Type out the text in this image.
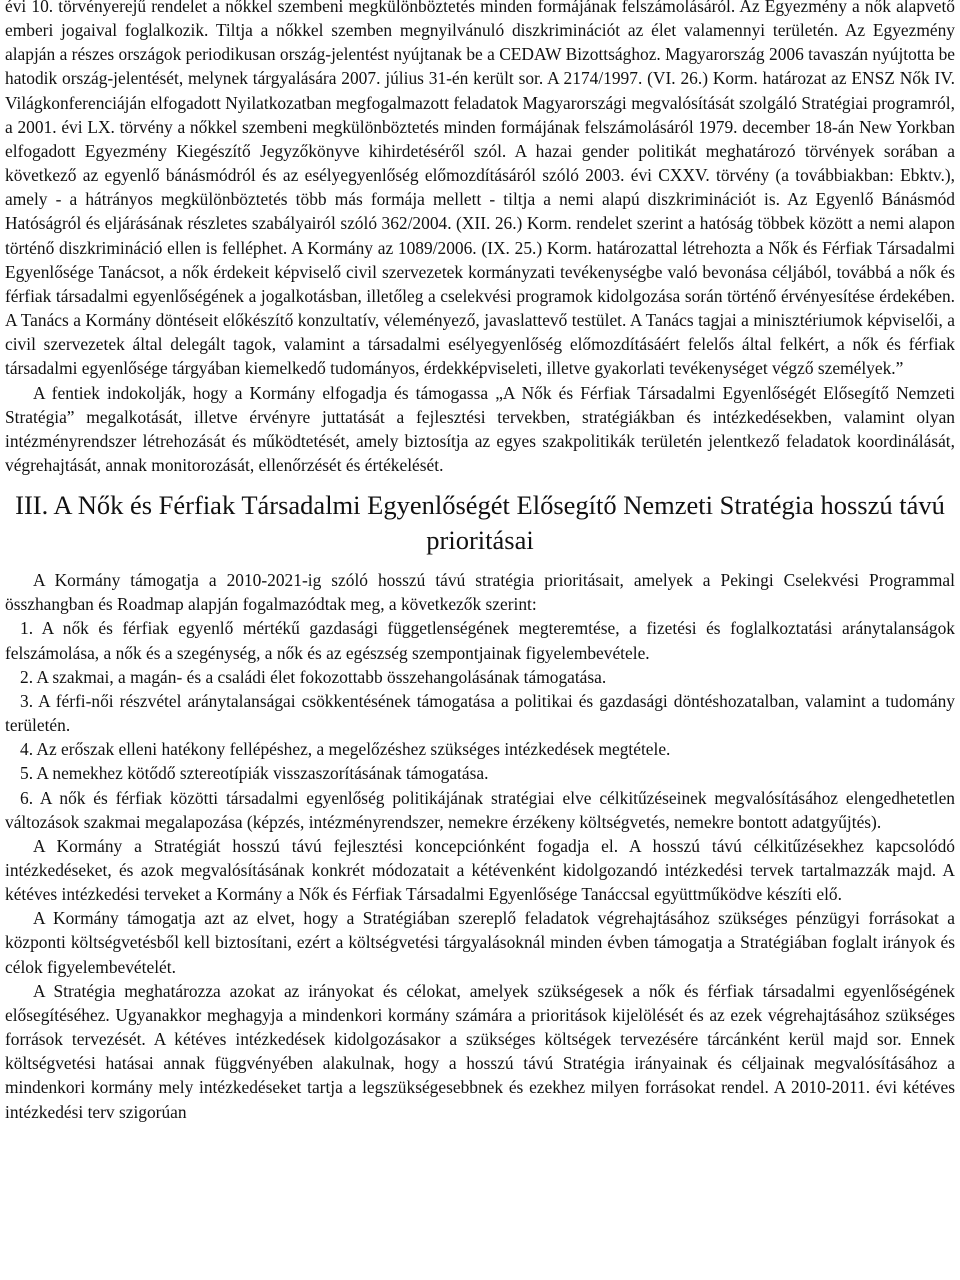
évi 10. törvényerejű rendelet a nőkkel szembeni megkülönböztetés minden formájának felszámolásáról. Az Egyezmény a nők alapvető emberi jogaival foglalkozik. Tiltja a nőkkel szemben megnyilvánuló diszkriminációt az élet valamennyi területén. Az Egyezmény alapján a részes országok periodikusan ország-jelentést nyújtanak be a CEDAW Bizottsághoz. Magyarország 2006 tavaszán nyújtotta be hatodik ország-jelentését, melynek tárgyalására 2007. július 31-én került sor. A 2174/1997. (VI. 26.) Korm. határozat az ENSZ Nők IV. Világkonferenciáján elfogadott Nyilatkozatban megfogalmazott feladatok Magyarországi megvalósítását szolgáló Stratégiai programról, a 2001. évi LX. törvény a nőkkel szembeni megkülönböztetés minden formájának felszámolásáról 1979. december 18-án New Yorkban elfogadott Egyezmény Kiegészítő Jegyzőkönyve kihirdetéséről szól. A hazai gender politikát meghatározó törvények sorában a következő az egyenlő bánásmódról és az esélyegyenlőség előmozdításáról szóló 2003. évi CXXV. törvény (a továbbiakban: Ebktv.), amely - a hátrányos megkülönböztetés több más formája mellett - tiltja a nemi alapú diszkriminációt is. Az Egyenlő Bánásmód Hatóságról és eljárásának részletes szabályairól szóló 362/2004. (XII. 26.) Korm. rendelet szerint a hatóság többek között a nemi alapon történő diszkrimináció ellen is felléphet. A Kormány az 1089/2006. (IX. 25.) Korm. határozattal létrehozta a Nők és Férfiak Társadalmi Egyenlősége Tanácsot, a nők érdekeit képviselő civil szervezetek kormányzati tevékenységbe való bevonása céljából, továbbá a nők és férfiak társadalmi egyenlőségének a jogalkotásban, illetőleg a cselekvési programok kidolgozása során történő érvényesítése érdekében. A Tanács a Kormány döntéseit előkészítő konzultatív, véleményező, javaslattevő testület. A Tanács tagjai a minisztériumok képviselői, a civil szervezetek által delegált tagok, valamint a társadalmi esélyegyenlőség előmozdításáért felelős által felkért, a nők és férfiak társadalmi egyenlősége tárgyában kiemelkedő tudományos, érdekképviseleti, illetve gyakorlati tevékenységet végző személyek.”

A fentiek indokolják, hogy a Kormány elfogadja és támogassa „A Nők és Férfiak Társadalmi Egyenlőségét Elősegítő Nemzeti Stratégia” megalkotását, illetve érvényre juttatását a fejlesztési tervekben, stratégiákban és intézkedésekben, valamint olyan intézményrendszer létrehozását és működtetését, amely biztosítja az egyes szakpolitikák területén jelentkező feladatok koordinálását, végrehajtását, annak monitorozását, ellenőrzését és értékelését.

III. A Nők és Férfiak Társadalmi Egyenlőségét Elősegítő Nemzeti Stratégia hosszú távú prioritásai

A Kormány támogatja a 2010-2021-ig szóló hosszú távú stratégia prioritásait, amelyek a Pekingi Cselekvési Programmal összhangban és Roadmap alapján fogalmazódtak meg, a következők szerint:

1. A nők és férfiak egyenlő mértékű gazdasági függetlenségének megteremtése, a fizetési és foglalkoztatási aránytalanságok felszámolása, a nők és a szegénység, a nők és az egészség szempontjainak figyelembevétele.

2. A szakmai, a magán- és a családi élet fokozottabb összehangolásának támogatása.

3. A férfi-női részvétel aránytalanságai csökkentésének támogatása a politikai és gazdasági döntéshozatalban, valamint a tudomány területén.

4. Az erőszak elleni hatékony fellépéshez, a megelőzéshez szükséges intézkedések megtétele.

5. A nemekhez kötődő sztereotípiák visszaszorításának támogatása.

6. A nők és férfiak közötti társadalmi egyenlőség politikájának stratégiai elve célkitűzéseinek megvalósításához elengedhetetlen változások szakmai megalapozása (képzés, intézményrendszer, nemekre érzékeny költségvetés, nemekre bontott adatgyűjtés).

A Kormány a Stratégiát hosszú távú fejlesztési koncepciónként fogadja el. A hosszú távú célkitűzésekhez kapcsolódó intézkedéseket, és azok megvalósításának konkrét módozatait a kétévenként kidolgozandó intézkedési tervek tartalmazzák majd. A kétéves intézkedési terveket a Kormány a Nők és Férfiak Társadalmi Egyenlősége Tanáccsal együttműködve készíti elő.

A Kormány támogatja azt az elvet, hogy a Stratégiában szereplő feladatok végrehajtásához szükséges pénzügyi forrásokat a központi költségvetésből kell biztosítani, ezért a költségvetési tárgyalásoknál minden évben támogatja a Stratégiában foglalt irányok és célok figyelembevételét.

A Stratégia meghatározza azokat az irányokat és célokat, amelyek szükségesek a nők és férfiak társadalmi egyenlőségének elősegítéséhez. Ugyanakkor meghagyja a mindenkori kormány számára a prioritások kijelölését és az ezek végrehajtásához szükséges források tervezését. A kétéves intézkedések kidolgozásakor a szükséges költségek tervezésére tárcánként kerül majd sor. Ennek költségvetési hatásai annak függvényében alakulnak, hogy a hosszú távú Stratégia irányainak és céljainak megvalósításához a mindenkori kormány mely intézkedéseket tartja a legszükségesebbnek és ezekhez milyen forrásokat rendel. A 2010-2011. évi kétéves intézkedési terv szigorúan
